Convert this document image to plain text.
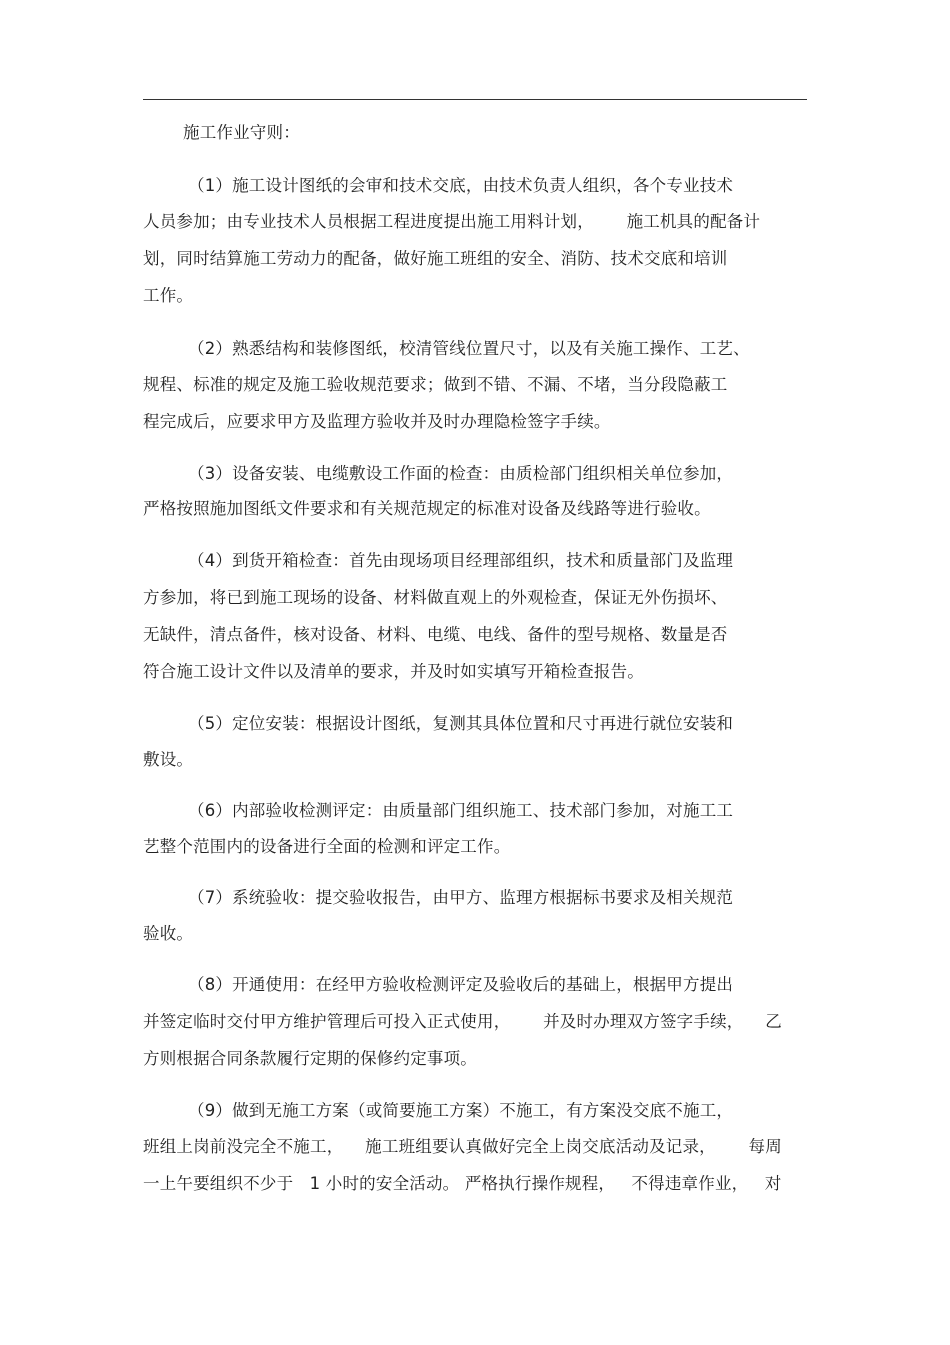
施工作业守则：
（1）施工设计图纸的会审和技术交底，由技术负责人组织，各个专业技术
人员参加；由专业技术人员根据工程进度提出施工用料计划，      施工机具的配备计
划，同时结算施工劳动力的配备，做好施工班组的安全、消防、技术交底和培训
工作。
（2）熟悉结构和装修图纸，校清管线位置尺寸，以及有关施工操作、工艺、
规程、标准的规定及施工验收规范要求；做到不错、不漏、不堵，当分段隐蔽工
程完成后，应要求甲方及监理方验收并及时办理隐检签字手续。
（3）设备安装、电缆敷设工作面的检查：由质检部门组织相关单位参加，
严格按照施加图纸文件要求和有关规范规定的标准对设备及线路等进行验收。
（4）到货开箱检查：首先由现场项目经理部组织，技术和质量部门及监理
方参加，将已到施工现场的设备、材料做直观上的外观检查，保证无外伤损坏、
无缺件，清点备件，核对设备、材料、电缆、电线、备件的型号规格、数量是否
符合施工设计文件以及清单的要求，并及时如实填写开箱检查报告。
（5）定位安装：根据设计图纸，复测其具体位置和尺寸再进行就位安装和
敷设。
（6）内部验收检测评定：由质量部门组织施工、技术部门参加，对施工工
艺整个范围内的设备进行全面的检测和评定工作。
（7）系统验收：提交验收报告，由甲方、监理方根据标书要求及相关规范
验收。
（8）开通使用：在经甲方验收检测评定及验收后的基础上，根据甲方提出
并签定临时交付甲方维护管理后可投入正式使用，      并及时办理双方签字手续，    乙
方则根据合同条款履行定期的保修约定事项。
（9）做到无施工方案（或简要施工方案）不施工，有方案没交底不施工，
班组上岗前没完全不施工，    施工班组要认真做好完全上岗交底活动及记录，      每周
一上午要组织不少于   1 小时的安全活动。 严格执行操作规程，   不得违章作业，   对
